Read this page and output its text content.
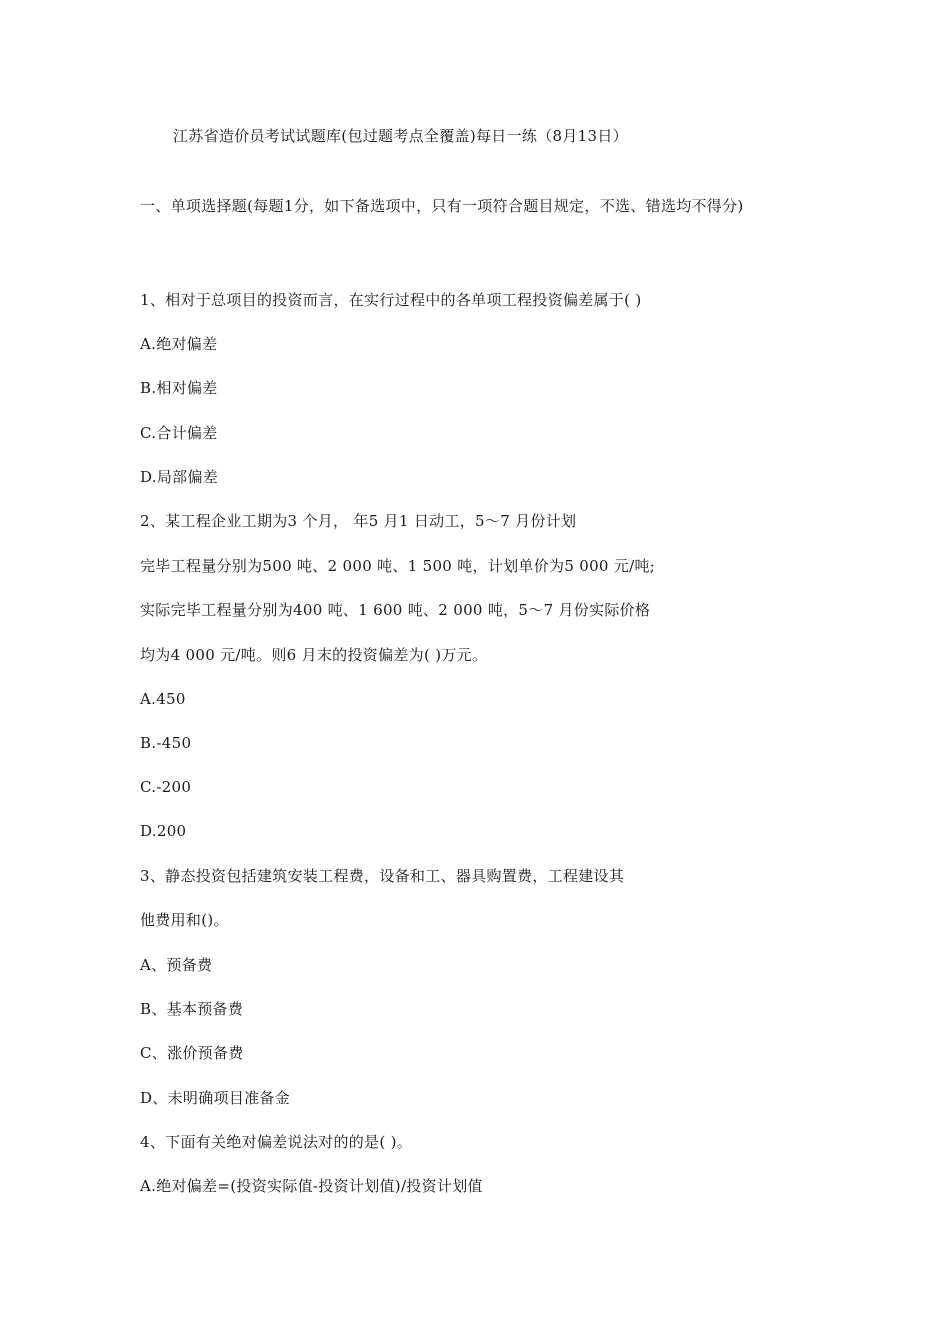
江苏省造价员考试试题库(包过题考点全覆盖)每日一练（8月13日）
一、单项选择题(每题1分，如下备选项中，只有一项符合题目规定，不选、错选均不得分)
1、相对于总项目的投资而言，在实行过程中的各单项工程投资偏差属于( )
A.绝对偏差
B.相对偏差
C.合计偏差
D.局部偏差
2、某工程企业工期为3 个月， 年5 月1 日动工，5～7 月份计划
完毕工程量分别为500 吨、2 000 吨、1 500 吨，计划单价为5 000 元/吨;
实际完毕工程量分别为400 吨、1 600 吨、2 000 吨，5～7 月份实际价格
均为4 000 元/吨。则6 月末的投资偏差为( )万元。
A.450
B.-450
C.-200
D.200
3、静态投资包括建筑安装工程费，设备和工、器具购置费，工程建设其
他费用和()。
A、预备费
B、基本预备费
C、涨价预备费
D、未明确项目准备金
4、下面有关绝对偏差说法对的的是( )。
A.绝对偏差=(投资实际值-投资计划值)/投资计划值
